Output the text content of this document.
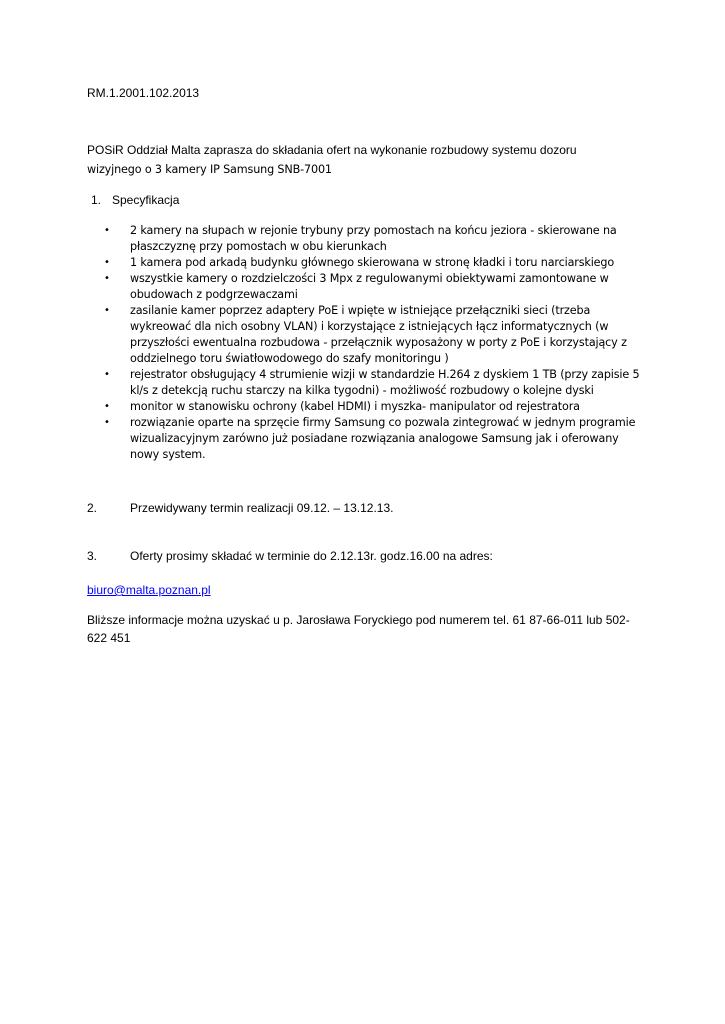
RM.1.2001.102.2013
POSiR Oddział Malta zaprasza do składania ofert na wykonanie rozbudowy systemu dozoru
wizyjnego o 3 kamery IP Samsung SNB-7001
1. Specyfikacja
• 2 kamery na słupach w rejonie trybuny przy pomostach na końcu jeziora - skierowane na
płaszczyznę przy pomostach w obu kierunkach
• 1 kamera pod arkadą budynku głównego skierowana w stronę kładki i toru narciarskiego
• wszystkie kamery o rozdzielczości 3 Mpx z regulowanymi obiektywami zamontowane w
obudowach z podgrzewaczami
• zasilanie kamer poprzez adaptery PoE i wpięte w istniejące przełączniki sieci (trzeba
wykreować dla nich osobny VLAN) i korzystające z istniejących łącz informatycznych (w
przyszłości ewentualna rozbudowa - przełącznik wyposażony w porty z PoE i korzystający z
oddzielnego toru światłowodowego do szafy monitoringu )
• rejestrator obsługujący 4 strumienie wizji w standardzie H.264 z dyskiem 1 TB (przy zapisie 5
kl/s z detekcją ruchu starczy na kilka tygodni) - możliwość rozbudowy o kolejne dyski
• monitor w stanowisku ochrony (kabel HDMI) i myszka- manipulator od rejestratora
• rozwiązanie oparte na sprzęcie firmy Samsung co pozwala zintegrować w jednym programie
wizualizacyjnym zarówno już posiadane rozwiązania analogowe Samsung jak i oferowany
nowy system.
2.	Przewidywany termin realizacji 09.12. – 13.12.13.
3.	Oferty prosimy składać w terminie do 2.12.13r. godz.16.00 na adres:
biuro@malta.poznan.pl
Bliższe informacje można uzyskać u p. Jarosława Foryckiego pod numerem tel. 61 87-66-011 lub 502-
622 451
